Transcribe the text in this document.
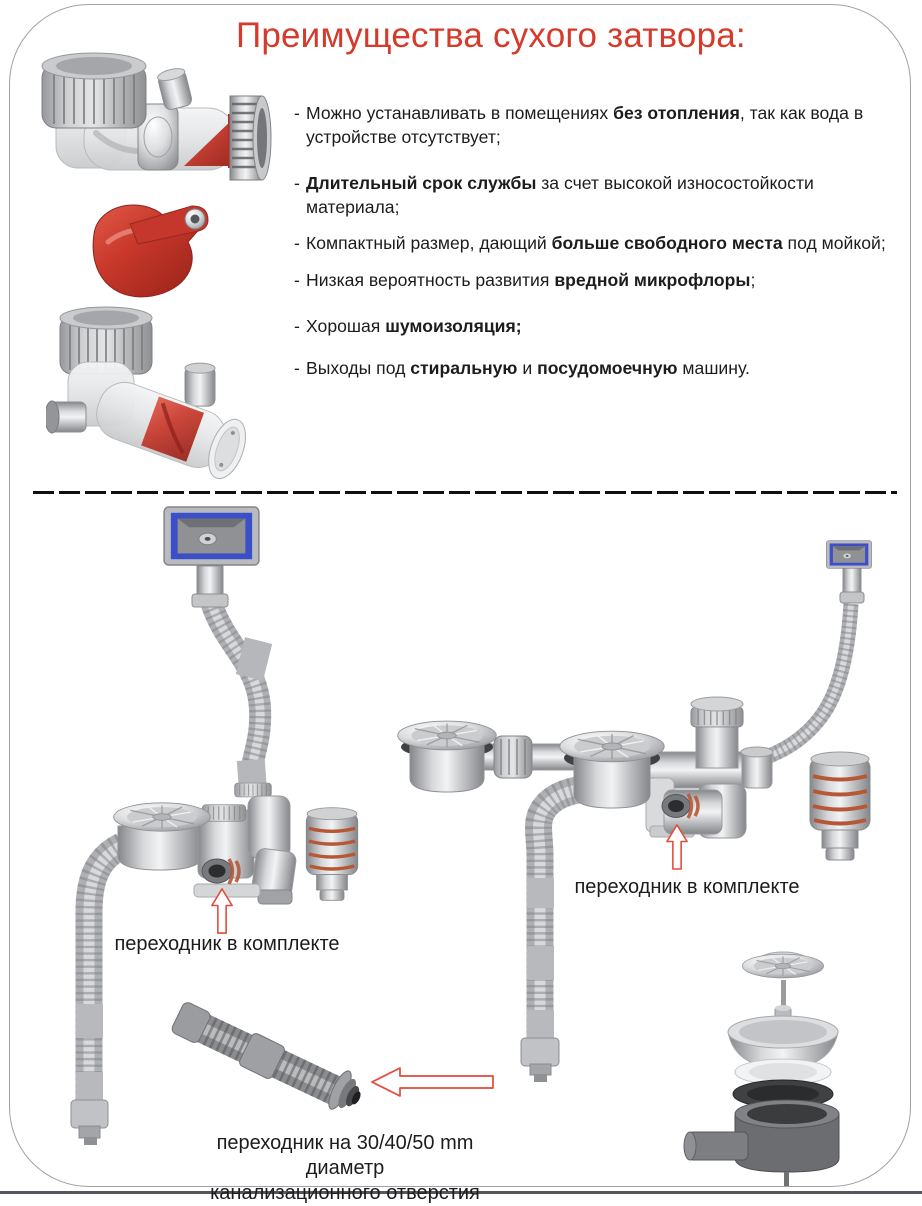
Преимущества сухого затвора:
- Можно устанавливать в помещениях без отопления, так как вода в устройстве отсутствует;
- Длительный срок службы за счет высокой износостойкости материала;
- Компактный размер, дающий больше свободного места под мойкой;
- Низкая вероятность развития вредной микрофлоры;
- Хорошая шумоизоляция;
- Выходы под стиральную и посудомоечную машину.
переходник в комплекте
переходник в комплекте
переходник на 30/40/50 mm диаметр
канализационного отверстия
